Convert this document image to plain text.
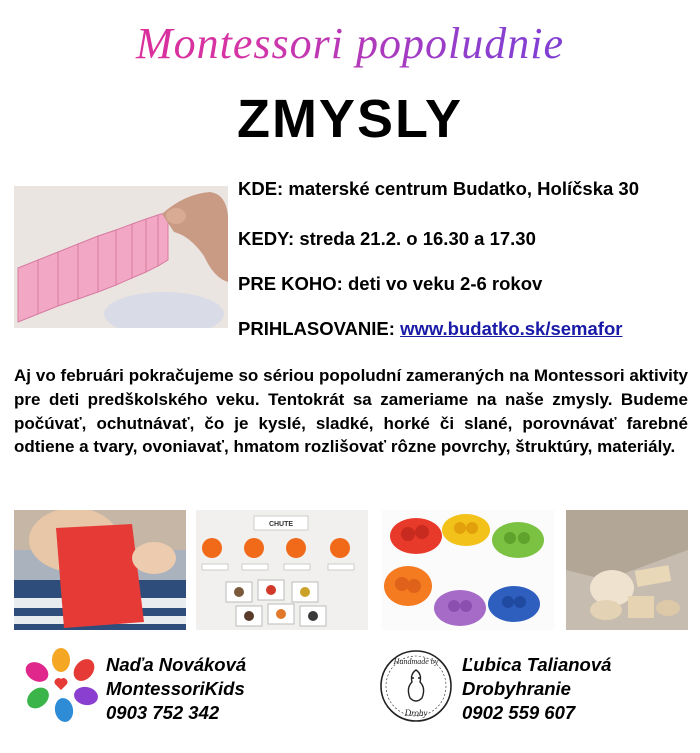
Montessori popoludnie
ZMYSLY
KDE: materské centrum Budatko, Holíčska 30
KEDY: streda 21.2. o 16.30 a 17.30
PRE KOHO: deti vo veku 2-6 rokov
PRIHLASOVANIE: www.budatko.sk/semafor

Aj vo februári pokračujeme so sériou popoludní zameraných na Montessori aktivity pre deti predškolského veku. Tentokrát sa zameriame na naše zmysly. Budeme počúvať, ochutnávať, čo je kyslé, sladké, horké či slané, porovnávať farebné odtiene a tvary, ovoniavať, hmatom rozlišovať rôzne povrchy, štruktúry, materiály.

CHUTE
Naďa Nováková
MontessoriKids
0903 752 342
Handmade by
Droby
Ľubica Talianová
Drobyhranie
0902 559 607
